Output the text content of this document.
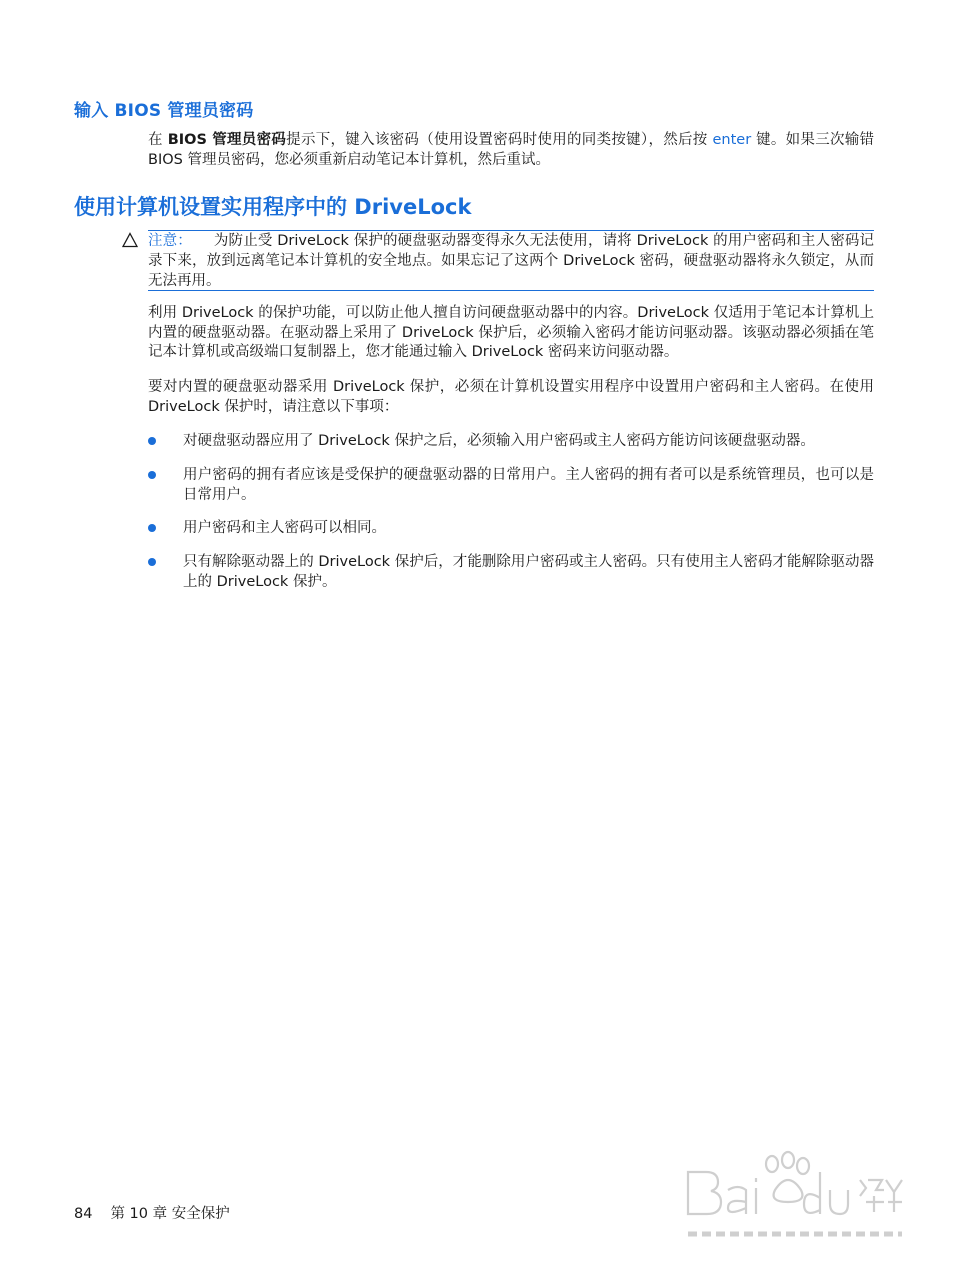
输入 BIOS 管理员密码
在 BIOS 管理员密码提示下，键入该密码（使用设置密码时使用的同类按键），然后按 enter 键。如果三次输错 BIOS 管理员密码，您必须重新启动笔记本计算机，然后重试。
使用计算机设置实用程序中的 DriveLock
注意： 为防止受 DriveLock 保护的硬盘驱动器变得永久无法使用，请将 DriveLock 的用户密码和主人密码记录下来，放到远离笔记本计算机的安全地点。如果忘记了这两个 DriveLock 密码，硬盘驱动器将永久锁定，从而无法再用。
利用 DriveLock 的保护功能，可以防止他人擅自访问硬盘驱动器中的内容。DriveLock 仅适用于笔记本计算机上内置的硬盘驱动器。在驱动器上采用了 DriveLock 保护后，必须输入密码才能访问驱动器。该驱动器必须插在笔记本计算机或高级端口复制器上，您才能通过输入 DriveLock 密码来访问驱动器。
要对内置的硬盘驱动器采用 DriveLock 保护，必须在计算机设置实用程序中设置用户密码和主人密码。在使用 DriveLock 保护时，请注意以下事项：
对硬盘驱动器应用了 DriveLock 保护之后，必须输入用户密码或主人密码方能访问该硬盘驱动器。
用户密码的拥有者应该是受保护的硬盘驱动器的日常用户。主人密码的拥有者可以是系统管理员，也可以是日常用户。
用户密码和主人密码可以相同。
只有解除驱动器上的 DriveLock 保护后，才能删除用户密码或主人密码。只有使用主人密码才能解除驱动器上的 DriveLock 保护。
84 第 10 章 安全保护
